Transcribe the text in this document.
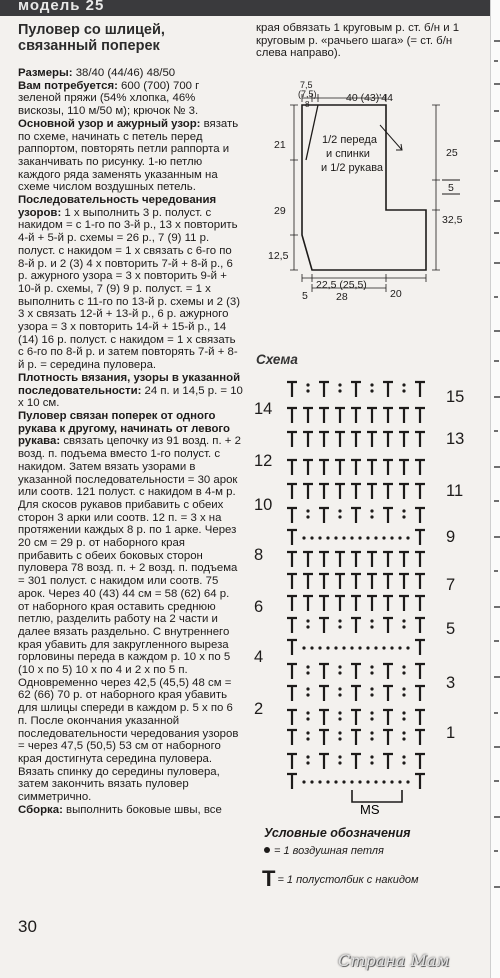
модель 25
Пуловер со шлицей,
связанный поперек

Размеры: 38/40 (44/46) 48/50

Вам потребуется: 600 (700) 700 г зеленой пряжи (54% хлопка, 46% вискозы, 110 м/50 м); крючок № 3.

Основной узор и ажурный узор: вязать по схеме, начинать с петель перед раппортом, повторять петли раппорта и заканчивать по рисунку. 1-ю петлю каждого ряда заменять указанным на схеме числом воздушных петель.

Последовательность чередования узоров: 1 х выполнить 3 р. полуст. с накидом = с 1-го по 3-й р., 13 х повторить 4-й + 5-й р. схемы = 26 р., 7 (9) 11 р. полуст. с накидом = 1 х связать с 6-го по 8-й р. и 2 (3) 4 х повторить 7-й + 8-й р., 6 р. ажурного узора = 3 х повторить 9-й + 10-й р. схемы, 7 (9) 9 р. полуст. = 1 х выполнить с 11-го по 13-й р. схемы и 2 (3) 3 х связать 12-й + 13-й р., 6 р. ажурного узора = 3 х повторить 14-й + 15-й р., 14 (14) 16 р. полуст. с накидом = 1 х связать с 6-го по 8-й р. и затем повторять 7-й + 8-й р. = середина пуловера.

Плотность вязания, узоры в указанной последовательности: 24 п. и 14,5 р. = 10 х 10 см.

Пуловер связан поперек от одного рукава к другому, начинать от левого рукава: связать цепочку из 91 возд. п. + 2 возд. п. подъема вместо 1-го полуст. с накидом. Затем вязать узорами в указанной последовательности = 30 арок или соотв. 121 полуст. с накидом в 4-м р. Для скосов рукавов прибавить с обеих сторон 3 арки или соотв. 12 п. = 3 х на протяжении каждых 8 р. по 1 арке. Через 20 см = 29 р. от наборного края прибавить с обеих боковых сторон пуловера 78 возд. п. + 2 возд. п. подъема = 301 полуст. с накидом или соотв. 75 арок. Через 40 (43) 44 см = 58 (62) 64 р. от наборного края оставить среднюю петлю, разделить работу на 2 части и далее вязать раздельно. С внутреннего края убавить для закругленного выреза горловины переда в каждом р. 10 х по 5 (10 х по 5) 10 х по 4 и 2 х по 5 п. Одновременно через 42,5 (45,5) 48 см = 62 (66) 70 р. от наборного края убавить для шлицы спереди в каждом р. 5 х по 6 п. После окончания указанной последовательности чередования узоров = через 47,5 (50,5) 53 см от наборного края достигнута середина пуловера. Вязать спинку до середины пуловера, затем закончить вязать пуловер симметрично.

Сборка: выполнить боковые швы, все

края обвязать 1 круговым р. ст. б/н и 1 круговым р. «рачьего шага» (= ст. б/н слева направо).

7,5
(7,5)
8
40 (43)'44
21
25
5
29
32,5
12,5
5
22,5 (25,5)
28	20
1/2 переда
и спинки
и 1/2 рукава
Схема
MS
14
12
10
8
6
4
2
15
13
11
9
7
5
3
1
Условные обозначения
= 1 воздушная петля
T = 1 полустолбик с накидом
30
Страна Мам
